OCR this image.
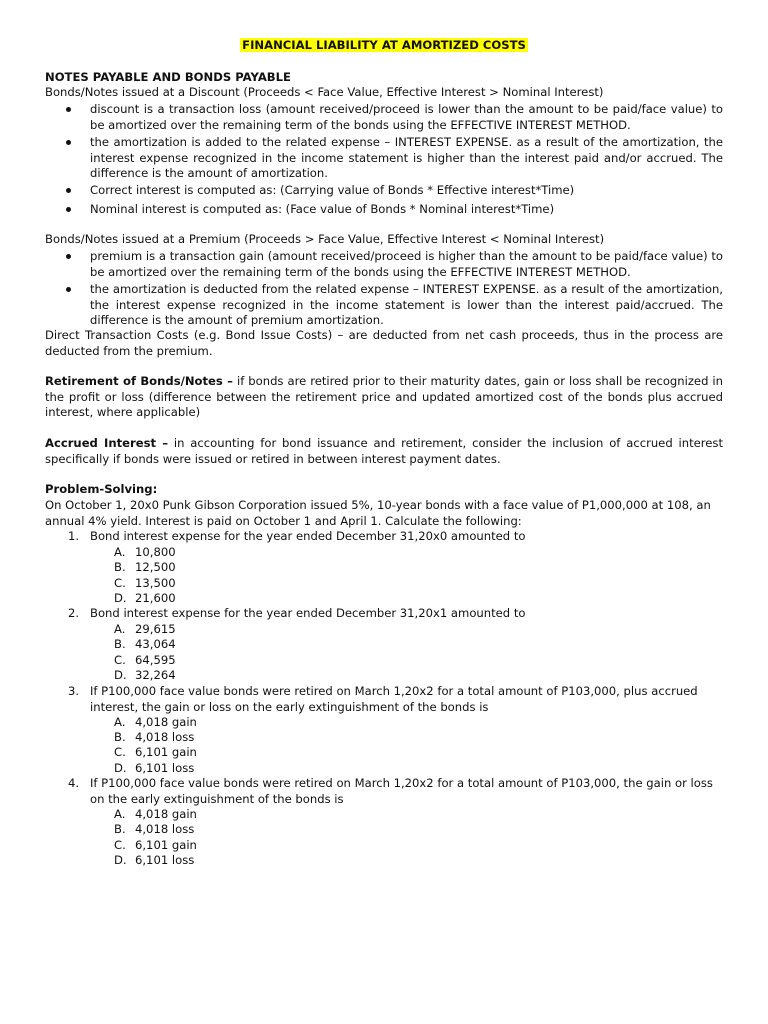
FINANCIAL LIABILITY AT AMORTIZED COSTS
NOTES PAYABLE AND BONDS PAYABLE
Bonds/Notes issued at a Discount (Proceeds < Face Value, Effective Interest > Nominal Interest)
discount is a transaction loss (amount received/proceed is lower than the amount to be paid/face value) to be amortized over the remaining term of the bonds using the EFFECTIVE INTEREST METHOD.
the amortization is added to the related expense – INTEREST EXPENSE. as a result of the amortization, the interest expense recognized in the income statement is higher than the interest paid and/or accrued. The difference is the amount of amortization.
Correct interest is computed as: (Carrying value of Bonds * Effective interest*Time)
Nominal interest is computed as: (Face value of Bonds * Nominal interest*Time)
Bonds/Notes issued at a Premium (Proceeds > Face Value, Effective Interest < Nominal Interest)
premium is a transaction gain (amount received/proceed is higher than the amount to be paid/face value) to be amortized over the remaining term of the bonds using the EFFECTIVE INTEREST METHOD.
the amortization is deducted from the related expense – INTEREST EXPENSE. as a result of the amortization, the interest expense recognized in the income statement is lower than the interest paid/accrued. The difference is the amount of premium amortization.
Direct Transaction Costs (e.g. Bond Issue Costs) – are deducted from net cash proceeds, thus in the process are deducted from the premium.
Retirement of Bonds/Notes – if bonds are retired prior to their maturity dates, gain or loss shall be recognized in the profit or loss (difference between the retirement price and updated amortized cost of the bonds plus accrued interest, where applicable)
Accrued Interest – in accounting for bond issuance and retirement, consider the inclusion of accrued interest specifically if bonds were issued or retired in between interest payment dates.
Problem-Solving:
On October 1, 20x0 Punk Gibson Corporation issued 5%, 10-year bonds with a face value of P1,000,000 at 108, an annual 4% yield. Interest is paid on October 1 and April 1. Calculate the following:
1. Bond interest expense for the year ended December 31,20x0 amounted to
A. 10,800
B. 12,500
C. 13,500
D. 21,600
2. Bond interest expense for the year ended December 31,20x1 amounted to
A. 29,615
B. 43,064
C. 64,595
D. 32,264
3. If P100,000 face value bonds were retired on March 1,20x2 for a total amount of P103,000, plus accrued interest, the gain or loss on the early extinguishment of the bonds is
A. 4,018 gain
B. 4,018 loss
C. 6,101 gain
D. 6,101 loss
4. If P100,000 face value bonds were retired on March 1,20x2 for a total amount of P103,000, the gain or loss on the early extinguishment of the bonds is
A. 4,018 gain
B. 4,018 loss
C. 6,101 gain
D. 6,101 loss
